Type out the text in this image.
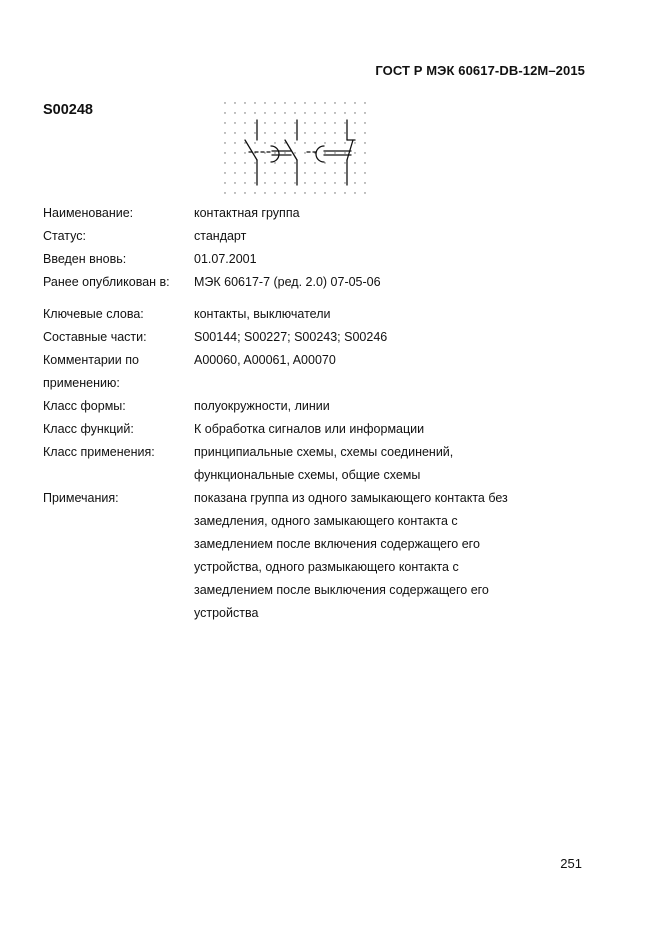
ГОСТ Р МЭК 60617-DB-12M–2015
S00248
Наименование:	контактная группа
Статус:	стандарт
Введен вновь:	01.07.2001
Ранее опубликован в:	МЭК 60617-7 (ред. 2.0) 07-05-06
Ключевые слова:	контакты, выключатели
Составные части:	S00144; S00227; S00243; S00246
Комментарии по
применению:
A00060, A00061, A00070
Класс формы:	полуокружности, линии
Класс функций:	К обработка сигналов или информации
Класс применения:	принципиальные схемы, схемы соединений,
функциональные схемы, общие схемы
Примечания:	показана группа из одного замыкающего контакта без
замедления, одного замыкающего контакта с
замедлением после включения содержащего его
устройства, одного размыкающего контакта с
замедлением после выключения содержащего его
устройства
251
